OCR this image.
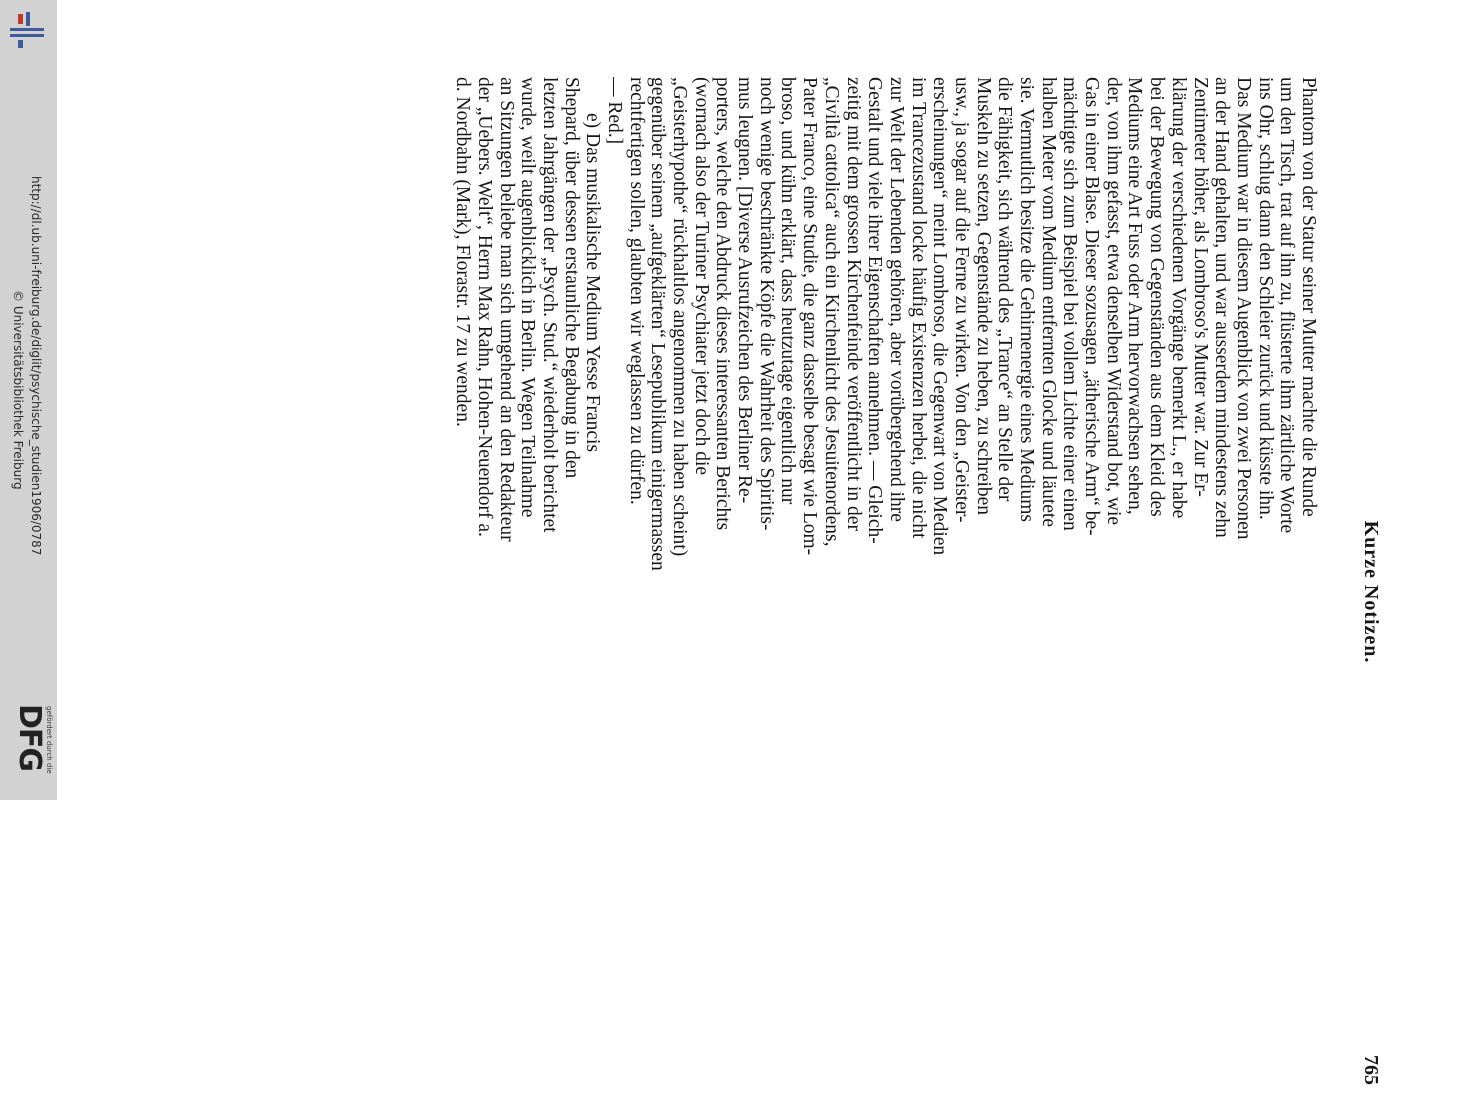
http://dl.ub.uni-freiburg.de/diglit/psychische_studien1906/0787
© Universitätsbibliothek Freiburg
DFG
gefördert durch die
Kurze Notizen.
765
Phantom von der Statur seiner Mutter machte die Runde
um den Tisch, trat auf ihn zu, flüsterte ihm zärtliche Worte
ins Ohr, schlug dann den Schleier zurück und küsste ihn.
Das Medium war in diesem Augenblick von zwei Personen
an der Hand gehalten, und war ausserdem mindestens zehn
Zentimeter höher, als Lombroso's Mutter war. Zur Er-
klärung der verschiedenen Vorgänge bemerkt L., er habe
bei der Bewegung von Gegenständen aus dem Kleid des
Mediums eine Art Fuss oder Arm hervorwachsen sehen,
der, von ihm gefasst, etwa denselben Widerstand bot, wie
Gas in einer Blase. Dieser sozusagen „ätherische Arm“ be-
mächtigte sich zum Beispiel bei vollem Lichte einer einen
halben Meter vom Medium entfernten Glocke und läutete
sie. Vermutlich besitze die Gehirnenergie eines Mediums
die Fähigkeit, sich während des „Trance“ an Stelle der
Muskeln zu setzen, Gegenstände zu heben, zu schreiben
usw., ja sogar auf die Ferne zu wirken. Von den „Geister-
erscheinungen“ meint Lombroso, die Gegenwart von Medien
im Trancezustand locke häufig Existenzen herbei, die nicht
zur Welt der Lebenden gehören, aber vorübergehend ihre
Gestalt und viele ihrer Eigenschaften annehmen. — Gleich-
zeitig mit dem grossen Kirchenfeinde veröffentlicht in der
„Civiltà cattolica“ auch ein Kirchenlicht des Jesuitenordens,
Pater Franco, eine Studie, die ganz dasselbe besagt wie Lom-
broso, und kühn erklärt, dass heutzutage eigentlich nur
noch wenige beschränkte Köpfe die Wahrheit des Spiritis-
mus leugnen. [Diverse Ausrufzeichen des Berliner Re-
porters, welche den Abdruck dieses interessanten Berichts
(wornach also der Turiner Psychiater jetzt doch die
„Geisterhypothe“ rückhaltlos angenommen zu haben scheint)
gegenüber seinem „aufgeklärten“ Lesepublikum einigermassen
rechtfertigen sollen, glaubten wir weglassen zu dürfen.
— Red.]
e) Das musikalische Medium Yesse Francis
Shepard, über dessen erstaunliche Begabung in den
letzten Jahrgängen der „Psych. Stud.“ wiederholt berichtet
wurde, weilt augenblicklich in Berlin. Wegen Teilnahme
an Sitzungen beliebe man sich umgehend an den Redakteur
der „Uebers. Welt“, Herrn Max Rahn, Hohen-Neuendorf a.
d. Nordbahn (Mark), Florastr. 17 zu wenden.
